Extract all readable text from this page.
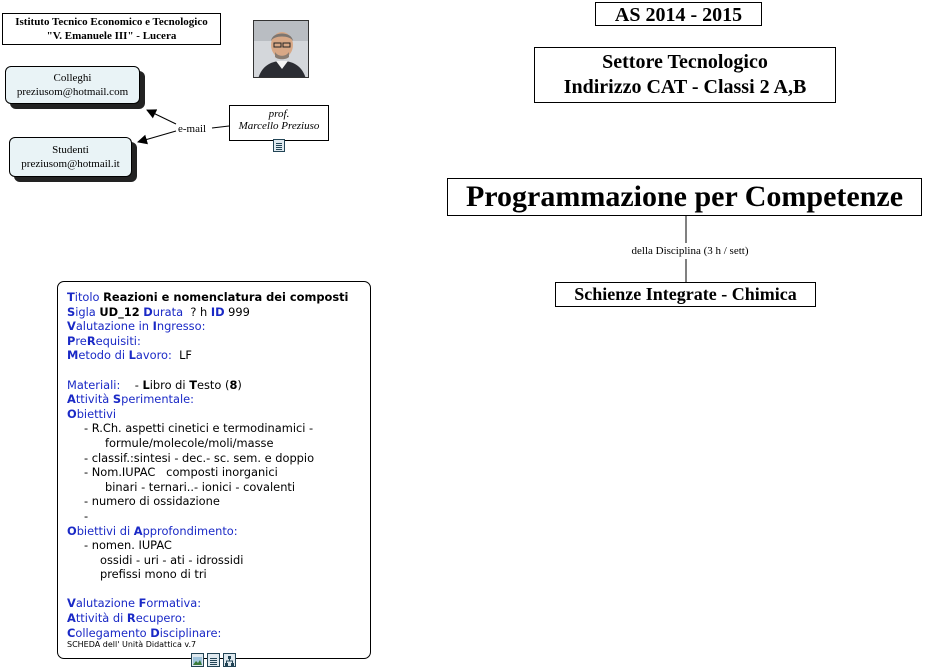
Istituto Tecnico Economico e Tecnologico
"V. Emanuele III" - Lucera
Colleghi
preziusom@hotmail.com
Studenti
preziusom@hotmail.it
e-mail
prof.
Marcello Preziuso
AS 2014 - 2015
Settore Tecnologico
Indirizzo CAT - Classi 2 A,B
Programmazione per Competenze
della Disciplina (3 h / sett)
Schienze Integrate - Chimica
Titolo Reazioni e nomenclatura dei composti
Sigla UD_12 Durata  ? h ID 999
Valutazione in Ingresso:
PreRequisiti:
Metodo di Lavoro: LF
Materiali:    - Libro di Testo (8)
Attività Sperimentale:
Obiettivi
- R.Ch. aspetti cinetici e termodinamici -
formule/molecole/moli/masse
- classif.:sintesi - dec.- sc. sem. e doppio
- Nom.IUPAC   composti inorganici
binari - ternari..- ionici - covalenti
- numero di ossidazione
-
Obiettivi di Approfondimento:
- nomen. IUPAC
ossidi - uri - ati - idrossidi
prefissi mono di tri
Valutazione Formativa:
Attività di Recupero:
Collegamento Disciplinare:
SCHEDA dell' Unità Didattica v.7
